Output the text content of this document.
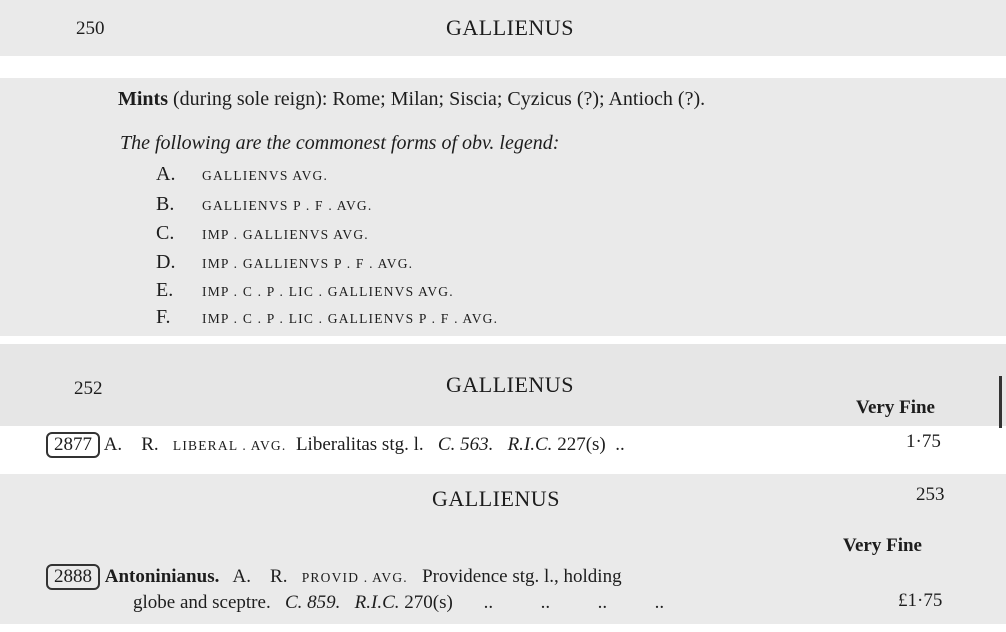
250	GALLIENUS
Mints (during sole reign): Rome; Milan; Siscia; Cyzicus (?); Antioch (?).
The following are the commonest forms of obv. legend:
A. GALLIENVS AVG.
B. GALLIENVS P . F . AVG.
C. IMP . GALLIENVS AVG.
D. IMP . GALLIENVS P . F . AVG.
E. IMP . C . P . LIC . GALLIENVS AVG.
F. IMP . C . P . LIC . GALLIENVS P . F . AVG.
252	GALLIENUS
Very Fine
2877 A. R. LIBERAL . AVG. Liberalitas stg. l. C. 563. R.I.C. 227(s) ..	1·75
GALLIENUS	253
Very Fine
2888 Antoninianus. A. R. PROVID . AVG. Providence stg. l., holding
globe and sceptre. C. 859. R.I.C. 270(s) ..          ..          ..          ..	£1·75
